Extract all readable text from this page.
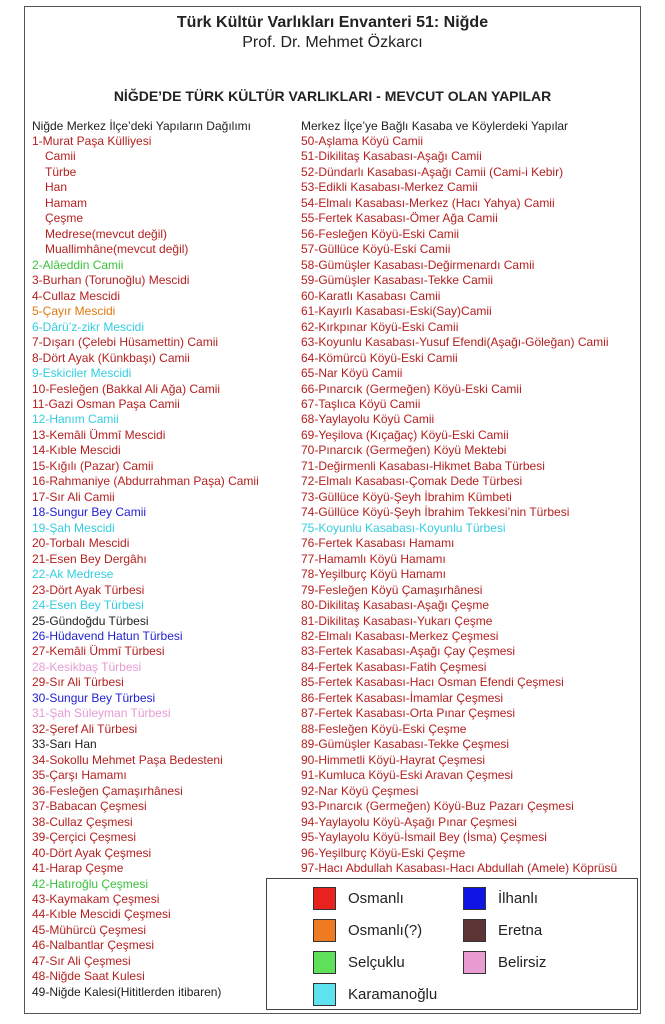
Türk Kültür Varlıkları Envanteri 51: Niğde
Prof. Dr. Mehmet Özkarcı
NİĞDE’DE TÜRK KÜLTÜR VARLIKLARI - MEVCUT OLAN YAPILAR
Niğde Merkez İlçe’deki Yapıların Dağılımı	Merkez İlçe’ye Bağlı Kasaba ve Köylerdeki Yapılar
1-Murat Paşa Külliyesi
Camii
Türbe
Han
Hamam
Çeşme
Medrese(mevcut değil)
Muallimhâne(mevcut değil)
2-Alâeddin Camii
3-Burhan (Torunoğlu) Mescidi
4-Cullaz Mescidi
5-Çayır Mescidi
6-Dârü’z-zikr Mescidi
7-Dışarı (Çelebi Hüsamettin) Camii
8-Dört Ayak (Künkbaşı) Camii
9-Eskiciler Mescidi
10-Fesleğen (Bakkal Ali Ağa) Camii
11-Gazi Osman Paşa Camii
12-Hanım Camii
13-Kemâli Ümmî Mescidi
14-Kıble Mescidi
15-Kığılı (Pazar) Camii
16-Rahmaniye (Abdurrahman Paşa) Camii
17-Sır Ali Camii
18-Sungur Bey Camii
19-Şah Mescidi
20-Torbalı Mescidi
21-Esen Bey Dergâhı
22-Ak Medrese
23-Dört Ayak Türbesi
24-Esen Bey Türbesi
25-Gündoğdu Türbesi
26-Hüdavend Hatun Türbesi
27-Kemâli Ümmî Türbesi
28-Kesikbaş Türbesi
29-Sır Ali Türbesi
30-Sungur Bey Türbesi
31-Şah Süleyman Türbesi
32-Şeref Ali Türbesi
33-Sarı Han
34-Sokollu Mehmet Paşa Bedesteni
35-Çarşı Hamamı
36-Fesleğen Çamaşırhânesi
37-Babacan Çeşmesi
38-Cullaz Çeşmesi
39-Çerçici Çeşmesi
40-Dört Ayak Çeşmesi
41-Harap Çeşme
42-Hatıroğlu Çeşmesi
43-Kaymakam Çeşmesi
44-Kıble Mescidi Çeşmesi
45-Mühürcü Çeşmesi
46-Nalbantlar Çeşmesi
47-Sır Ali Çeşmesi
48-Niğde Saat Kulesi
49-Niğde Kalesi(Hititlerden itibaren)
50-Aşlama Köyü Camii
51-Dikilitaş Kasabası-Aşağı Camii
52-Dündarlı Kasabası-Aşağı Camii (Cami-i Kebir)
53-Edikli Kasabası-Merkez Camii
54-Elmalı Kasabası-Merkez (Hacı Yahya) Camii
55-Fertek Kasabası-Ömer Ağa Camii
56-Fesleğen Köyü-Eski Camii
57-Güllüce Köyü-Eski Camii
58-Gümüşler Kasabası-Değirmenardı Camii
59-Gümüşler Kasabası-Tekke Camii
60-Karatlı Kasabası Camii
61-Kayırlı Kasabası-Eski(Say)Camii
62-Kırkpınar Köyü-Eski Camii
63-Koyunlu Kasabası-Yusuf Efendi(Aşağı-Göleğan) Camii
64-Kömürcü Köyü-Eski Camii
65-Nar Köyü Camii
66-Pınarcık (Germeğen) Köyü-Eski Camii
67-Taşlıca Köyü Camii
68-Yaylayolu Köyü Camii
69-Yeşilova (Kıçağaç) Köyü-Eski Camii
70-Pınarcık (Germeğen) Köyü Mektebi
71-Değirmenli Kasabası-Hikmet Baba Türbesi
72-Elmalı Kasabası-Çomak Dede Türbesi
73-Güllüce Köyü-Şeyh İbrahim Kümbeti
74-Güllüce Köyü-Şeyh İbrahim Tekkesi’nin Türbesi
75-Koyunlu Kasabası-Koyunlu Türbesi
76-Fertek Kasabası Hamamı
77-Hamamlı Köyü Hamamı
78-Yeşilburç Köyü Hamamı
79-Fesleğen Köyü Çamaşırhânesi
80-Dikilitaş Kasabası-Aşağı Çeşme
81-Dikilitaş Kasabası-Yukarı Çeşme
82-Elmalı Kasabası-Merkez Çeşmesi
83-Fertek Kasabası-Aşağı Çay Çeşmesi
84-Fertek Kasabası-Fatih Çeşmesi
85-Fertek Kasabası-Hacı Osman Efendi Çeşmesi
86-Fertek Kasabası-İmamlar Çeşmesi
87-Fertek Kasabası-Orta Pınar Çeşmesi
88-Fesleğen Köyü-Eski Çeşme
89-Gümüşler Kasabası-Tekke Çeşmesi
90-Himmetli Köyü-Hayrat Çeşmesi
91-Kumluca Köyü-Eski Aravan Çeşmesi
92-Nar Köyü Çeşmesi
93-Pınarcık (Germeğen) Köyü-Buz Pazarı Çeşmesi
94-Yaylayolu Köyü-Aşağı Pınar Çeşmesi
95-Yaylayolu Köyü-İsmail Bey (İsma) Çeşmesi
96-Yeşilburç Köyü-Eski Çeşme
97-Hacı Abdullah Kasabası-Hacı Abdullah (Amele) Köprüsü
Osmanlı
Osmanlı(?)
Selçuklu
Karamanoğlu
İlhanlı
Eretna
Belirsiz
